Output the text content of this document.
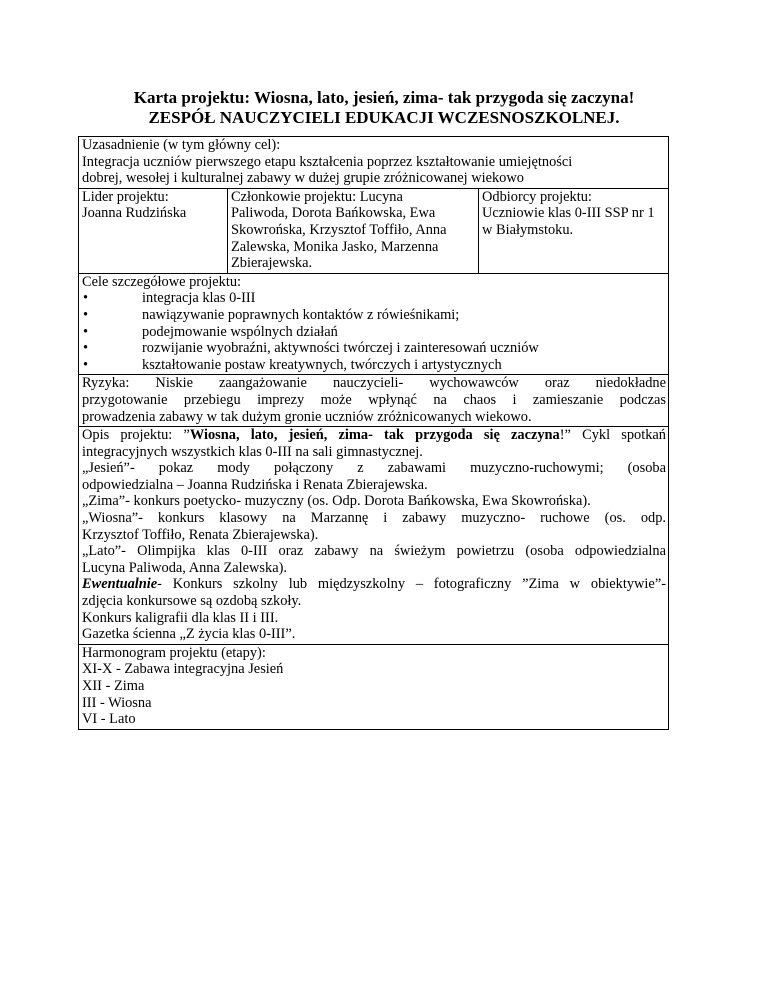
Karta projektu: Wiosna, lato, jesień, zima- tak przygoda się zaczyna!
ZESPÓŁ NAUCZYCIELI EDUKACJI WCZESNOSZKOLNEJ.
Uzasadnienie (w tym główny cel):
Integracja uczniów pierwszego etapu kształcenia poprzez kształtowanie umiejętności
dobrej, wesołej i kulturalnej zabawy w dużej grupie zróżnicowanej wiekowo

Lider projektu:
Joanna Rudzińska

Członkowie projektu: Lucyna
Paliwoda, Dorota Bańkowska, Ewa
Skowrońska, Krzysztof Toffiło, Anna
Zalewska, Monika Jasko, Marzenna
Zbierajewska.

Odbiorcy projektu:
Uczniowie klas 0-III SSP nr 1
w Białymstoku.

Cele szczegółowe projektu:
•	integracja klas 0-III
•	nawiązywanie poprawnych kontaktów z rówieśnikami;
•	podejmowanie wspólnych działań
•	rozwijanie wyobraźni, aktywności twórczej i zainteresowań uczniów
•	kształtowanie postaw kreatywnych, twórczych i artystycznych

Ryzyka: Niskie zaangażowanie nauczycieli- wychowawców oraz niedokładne
przygotowanie przebiegu imprezy może wpłynąć na chaos i zamieszanie podczas
prowadzenia zabawy w tak dużym gronie uczniów zróżnicowanych wiekowo.

Opis projektu: ”Wiosna, lato, jesień, zima- tak przygoda się zaczyna!” Cykl spotkań
integracyjnych wszystkich klas 0-III na sali gimnastycznej.
„Jesień”- pokaz mody połączony z zabawami muzyczno-ruchowymi; (osoba
odpowiedzialna – Joanna Rudzińska i Renata Zbierajewska.
„Zima”- konkurs poetycko- muzyczny (os. Odp. Dorota Bańkowska, Ewa Skowrońska).
„Wiosna”- konkurs klasowy na Marzannę i zabawy muzyczno- ruchowe (os. odp.
Krzysztof Toffiło, Renata Zbierajewska).
„Lato”- Olimpijka klas 0-III oraz zabawy na świeżym powietrzu (osoba odpowiedzialna
Lucyna Paliwoda, Anna Zalewska).
Ewentualnie- Konkurs szkolny lub międzyszkolny – fotograficzny ”Zima w obiektywie”-
zdjęcia konkursowe są ozdobą szkoły.
Konkurs kaligrafii dla klas II i III.
Gazetka ścienna „Z życia klas 0-III”.

Harmonogram projektu (etapy):
XI-X - Zabawa integracyjna Jesień
XII - Zima
III - Wiosna
VI - Lato
